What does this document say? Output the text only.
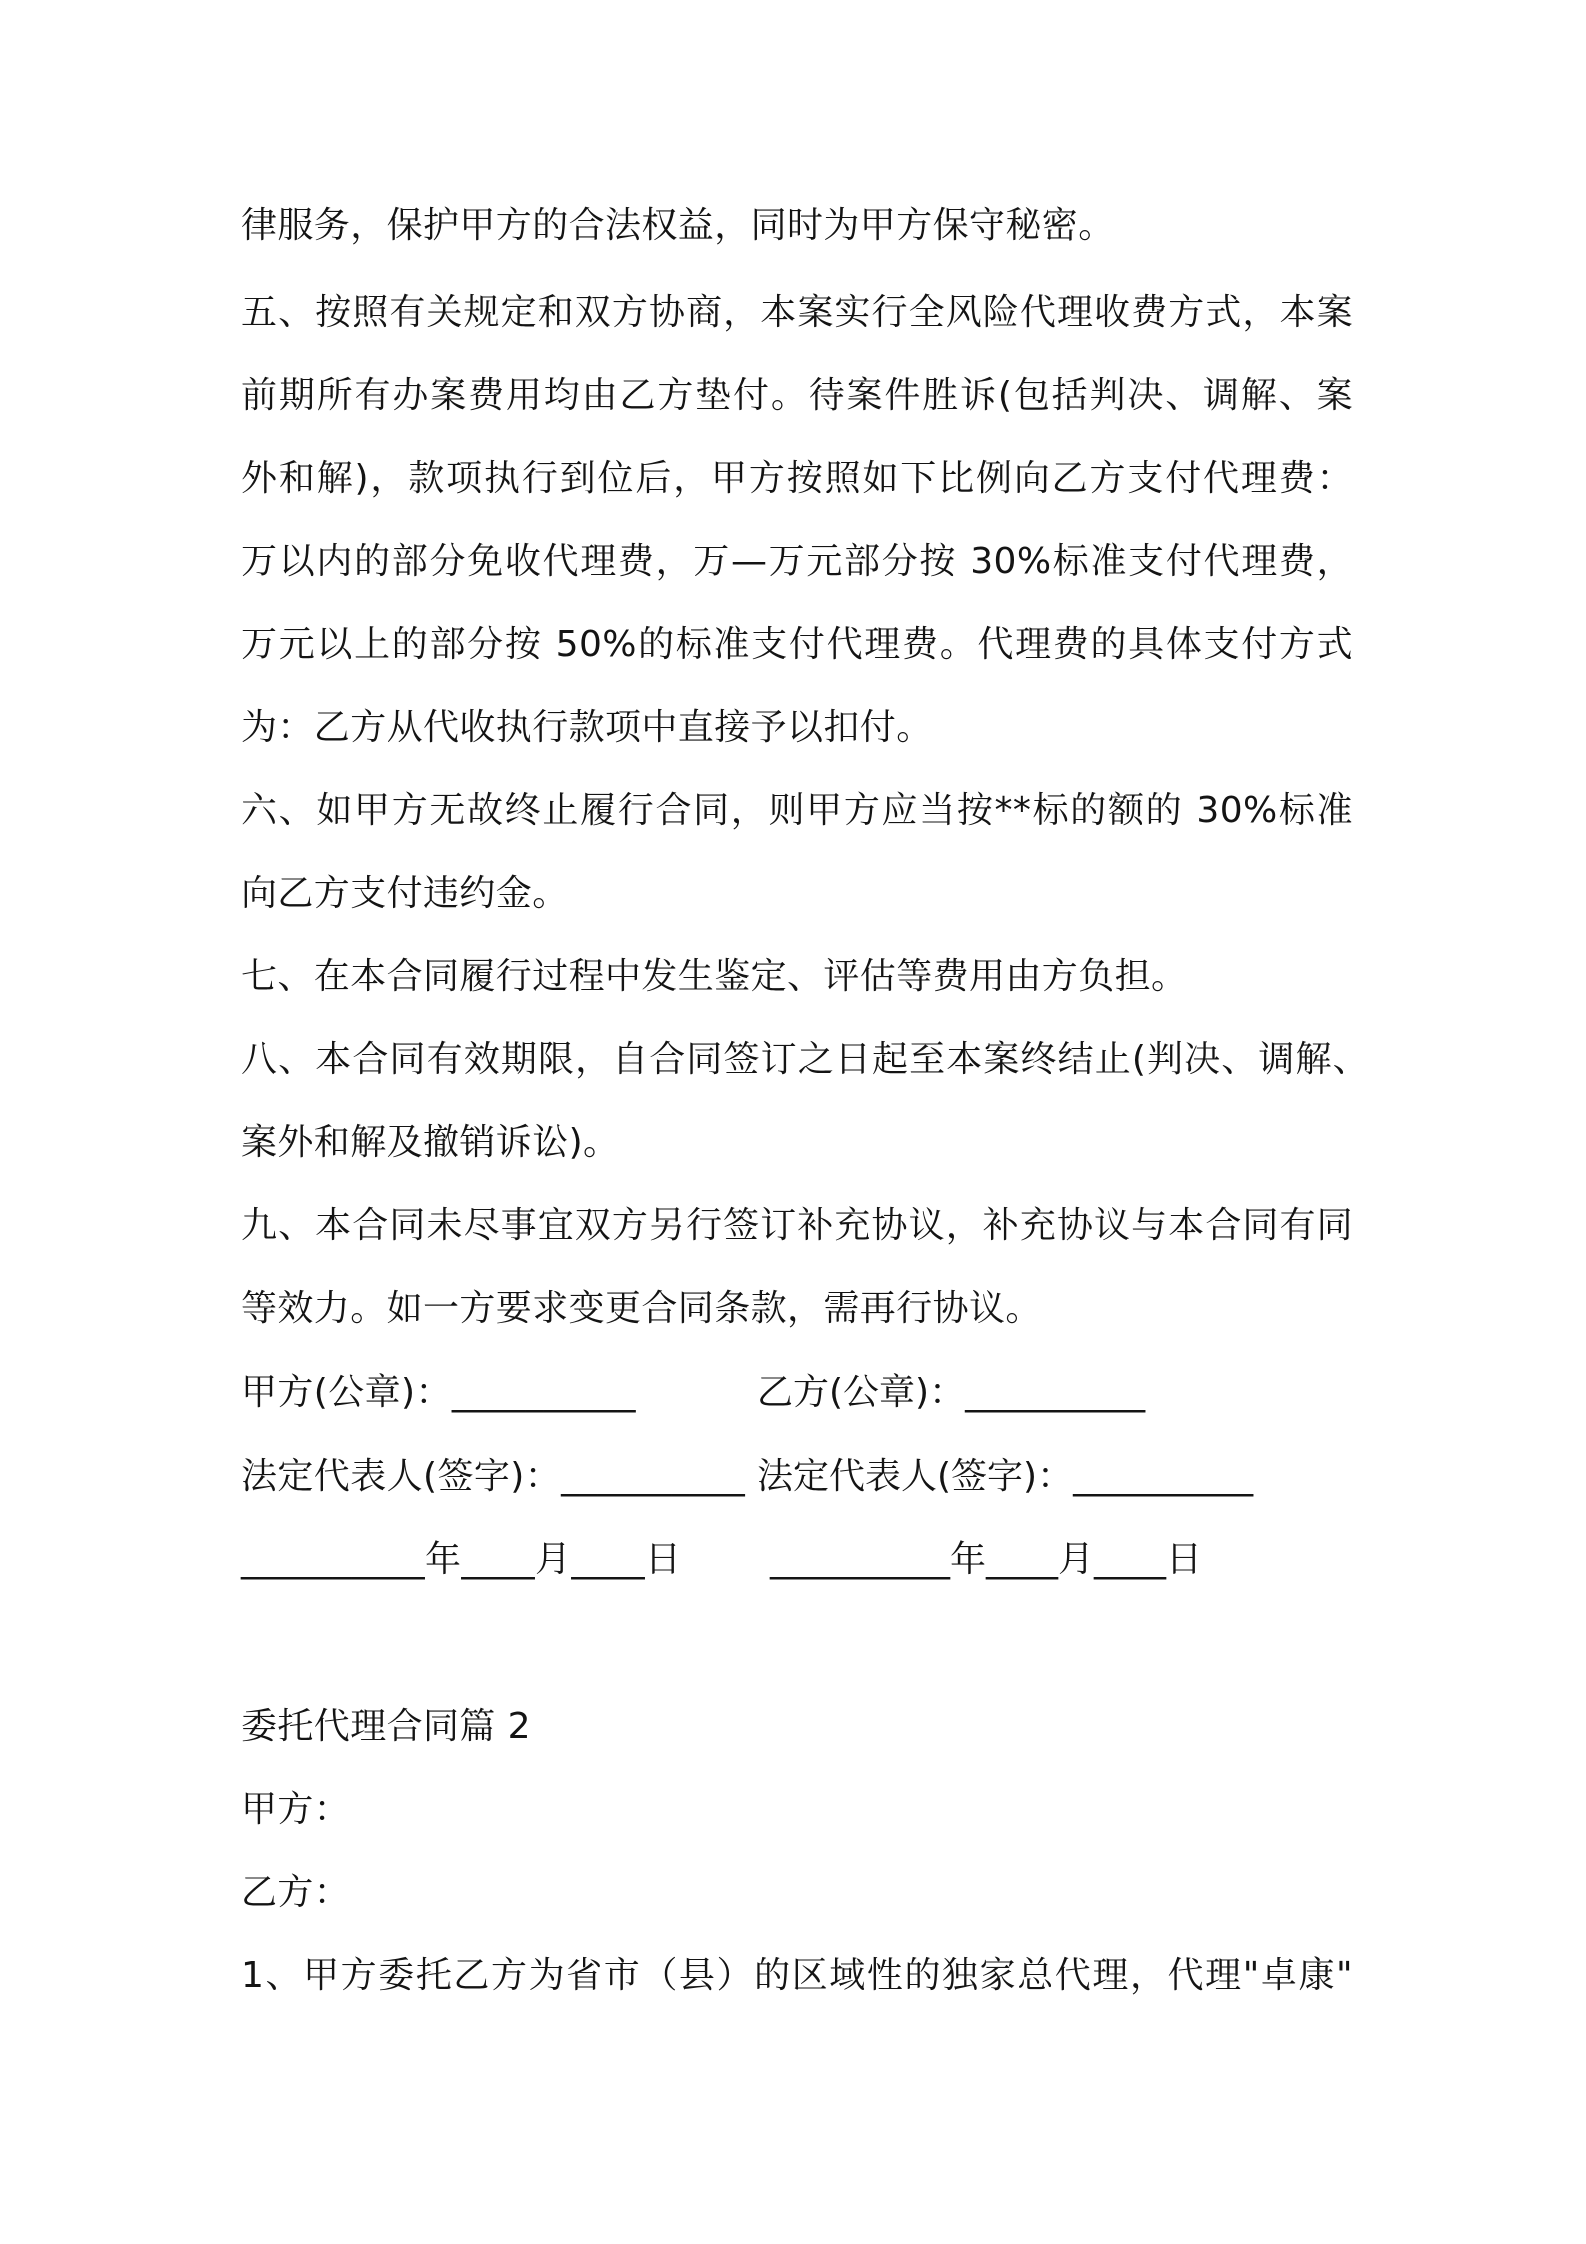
律服务，保护甲方的合法权益，同时为甲方保守秘密。
五、按照有关规定和双方协商，本案实行全风险代理收费方式，本案
前期所有办案费用均由乙方垫付。待案件胜诉(包括判决、调解、案
外和解)，款项执行到位后，甲方按照如下比例向乙方支付代理费：
万以内的部分免收代理费，万—万元部分按 30%标准支付代理费，
万元以上的部分按 50%的标准支付代理费。代理费的具体支付方式
为：乙方从代收执行款项中直接予以扣付。
六、如甲方无故终止履行合同，则甲方应当按**标的额的 30%标准
向乙方支付违约金。
七、在本合同履行过程中发生鉴定、评估等费用由方负担。
八、本合同有效期限，自合同签订之日起至本案终结止(判决、调解、
案外和解及撤销诉讼)。
九、本合同未尽事宜双方另行签订补充协议，补充协议与本合同有同
等效力。如一方要求变更合同条款，需再行协议。
甲方(公章)：__________	乙方(公章)：__________
法定代表人(签字)：__________ 法定代表人(签字)：__________
__________年____月____日 __________年____月____日
委托代理合同篇 2
甲方：
乙方：
1、甲方委托乙方为省市（县）的区域性的独家总代理，代理"卓康"
